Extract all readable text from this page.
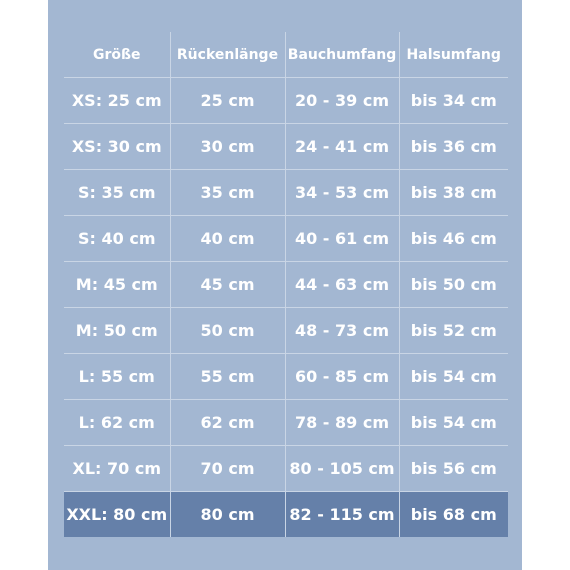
Größe	Rückenlänge	Bauchumfang	Halsumfang
XS: 25 cm	25 cm	20 - 39 cm	bis 34 cm
XS: 30 cm	30 cm	24 - 41 cm	bis 36 cm
S: 35 cm	35 cm	34 - 53 cm	bis 38 cm
S: 40 cm	40 cm	40 - 61 cm	bis 46 cm
M: 45 cm	45 cm	44 - 63 cm	bis 50 cm
M: 50 cm	50 cm	48 - 73 cm	bis 52 cm
L: 55 cm	55 cm	60 - 85 cm	bis 54 cm
L: 62 cm	62 cm	78 - 89 cm	bis 54 cm
XL: 70 cm	70 cm	80 - 105 cm	bis 56 cm
XXL: 80 cm	80 cm	82 - 115 cm	bis 68 cm
